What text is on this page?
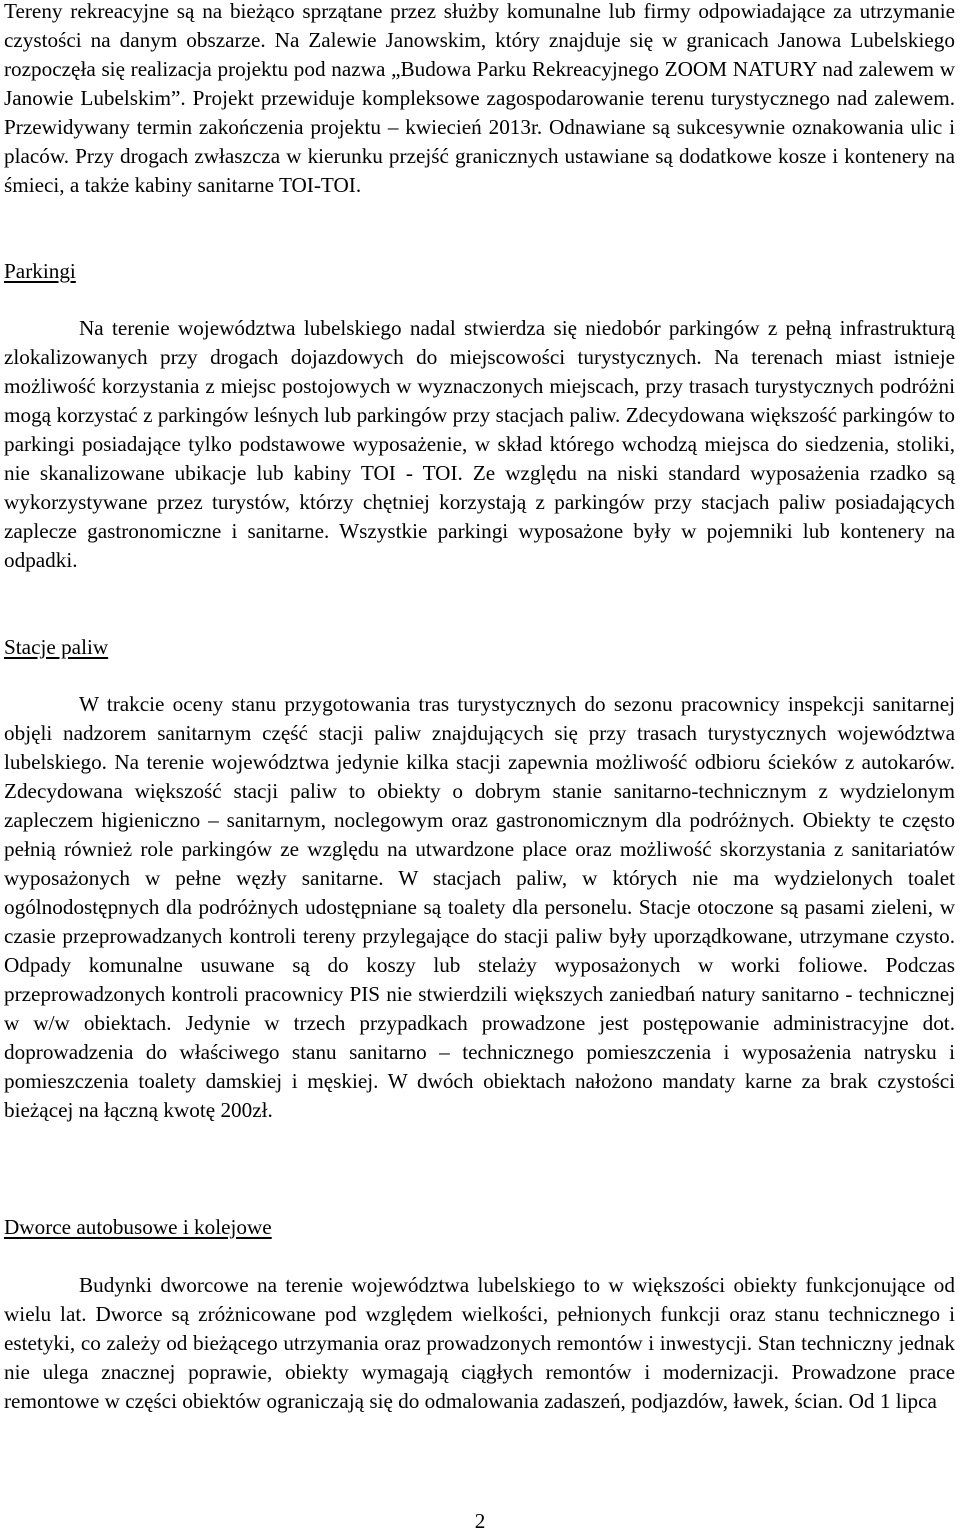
Tereny rekreacyjne są na bieżąco sprzątane przez służby komunalne lub firmy odpowiadające za utrzymanie czystości na danym obszarze. Na Zalewie Janowskim, który znajduje się w granicach Janowa Lubelskiego rozpoczęła się realizacja projektu pod nazwa „Budowa Parku Rekreacyjnego ZOOM NATURY nad zalewem w Janowie Lubelskim”. Projekt przewiduje kompleksowe zagospodarowanie terenu turystycznego nad zalewem. Przewidywany termin zakończenia projektu – kwiecień 2013r. Odnawiane są sukcesywnie oznakowania ulic i placów. Przy drogach zwłaszcza w kierunku przejść granicznych ustawiane są dodatkowe kosze i kontenery na śmieci, a także kabiny sanitarne TOI-TOI.

Parkingi

Na terenie województwa lubelskiego nadal stwierdza się niedobór parkingów z pełną infrastrukturą zlokalizowanych przy drogach dojazdowych do miejscowości turystycznych. Na terenach miast istnieje możliwość korzystania z miejsc postojowych w wyznaczonych miejscach, przy trasach turystycznych podróżni mogą korzystać z parkingów leśnych lub parkingów przy stacjach paliw. Zdecydowana większość parkingów to parkingi posiadające tylko podstawowe wyposażenie, w skład którego wchodzą miejsca do siedzenia, stoliki, nie skanalizowane ubikacje lub kabiny TOI - TOI. Ze względu na niski standard wyposażenia rzadko są wykorzystywane przez turystów, którzy chętniej korzystają z parkingów przy stacjach paliw posiadających zaplecze gastronomiczne i sanitarne. Wszystkie parkingi wyposażone były w pojemniki lub kontenery na odpadki.

Stacje paliw

W trakcie oceny stanu przygotowania tras turystycznych do sezonu pracownicy inspekcji sanitarnej objęli nadzorem sanitarnym część stacji paliw znajdujących się przy trasach turystycznych województwa lubelskiego. Na terenie województwa jedynie kilka stacji zapewnia możliwość odbioru ścieków z autokarów. Zdecydowana większość stacji paliw to obiekty o dobrym stanie sanitarno-technicznym z wydzielonym zapleczem higieniczno – sanitarnym, noclegowym oraz gastronomicznym dla podróżnych. Obiekty te często pełnią również role parkingów ze względu na utwardzone place oraz możliwość skorzystania z sanitariatów wyposażonych w pełne węzły sanitarne. W stacjach paliw, w których nie ma wydzielonych toalet ogólnodostępnych dla podróżnych udostępniane są toalety dla personelu. Stacje otoczone są pasami zieleni, w czasie przeprowadzanych kontroli tereny przylegające do stacji paliw były uporządkowane, utrzymane czysto. Odpady komunalne usuwane są do koszy lub stelaży wyposażonych w worki foliowe. Podczas przeprowadzonych kontroli pracownicy PIS nie stwierdzili większych zaniedbań natury sanitarno - technicznej w w/w obiektach. Jedynie w trzech przypadkach prowadzone jest postępowanie administracyjne dot. doprowadzenia do właściwego stanu sanitarno – technicznego pomieszczenia i wyposażenia natrysku i pomieszczenia toalety damskiej i męskiej. W dwóch obiektach nałożono mandaty karne za brak czystości bieżącej na łączną kwotę 200zł.

Dworce autobusowe i kolejowe

Budynki dworcowe na terenie województwa lubelskiego to w większości obiekty funkcjonujące od wielu lat. Dworce są zróżnicowane pod względem wielkości, pełnionych funkcji oraz stanu technicznego i estetyki, co zależy od bieżącego utrzymania oraz prowadzonych remontów i inwestycji. Stan techniczny jednak nie ulega znacznej poprawie, obiekty wymagają ciągłych remontów i modernizacji. Prowadzone prace remontowe w części obiektów ograniczają się do odmalowania zadaszeń, podjazdów, ławek, ścian. Od 1 lipca

2
